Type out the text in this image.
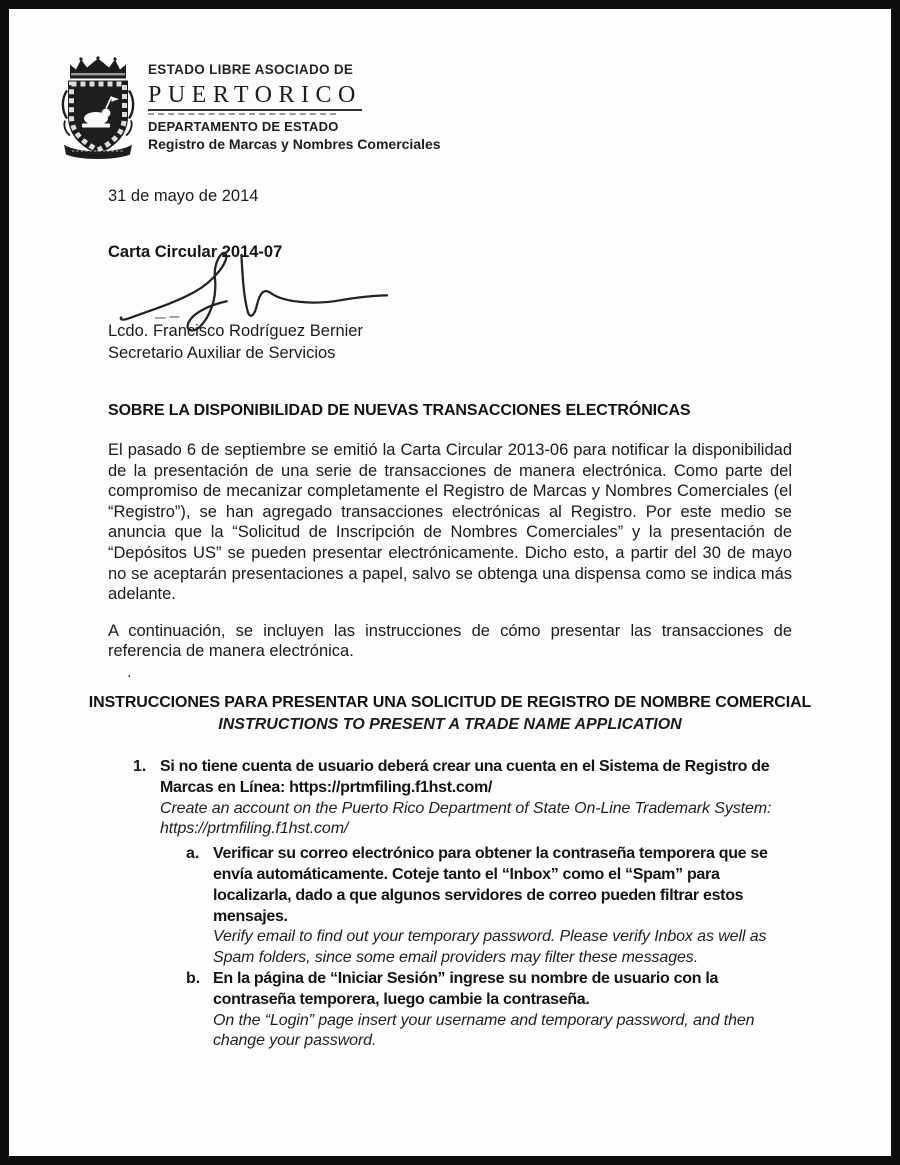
ESTADO LIBRE ASOCIADO DE
PUERTORICO
DEPARTAMENTO DE ESTADO
Registro de Marcas y Nombres Comerciales
31 de mayo de 2014
Carta Circular 2014-07
Lcdo. Francisco Rodríguez Bernier
Secretario Auxiliar de Servicios
SOBRE LA DISPONIBILIDAD DE NUEVAS TRANSACCIONES ELECTRÓNICAS
El pasado 6 de septiembre se emitió la Carta Circular 2013-06 para notificar la disponibilidad de la presentación de una serie de transacciones de manera electrónica. Como parte del compromiso de mecanizar completamente el Registro de Marcas y Nombres Comerciales (el “Registro”), se han agregado transacciones electrónicas al Registro. Por este medio se anuncia que la “Solicitud de Inscripción de Nombres Comerciales” y la presentación de “Depósitos US” se pueden presentar electrónicamente. Dicho esto, a partir del 30 de mayo no se aceptarán presentaciones a papel, salvo se obtenga una dispensa como se indica más adelante.
A continuación, se incluyen las instrucciones de cómo presentar las transacciones de referencia de manera electrónica.
.
INSTRUCCIONES PARA PRESENTAR UNA SOLICITUD DE REGISTRO DE NOMBRE COMERCIAL
INSTRUCTIONS TO PRESENT A TRADE NAME APPLICATION
1. Si no tiene cuenta de usuario deberá crear una cuenta en el Sistema de Registro de Marcas en Línea: https://prtmfiling.f1hst.com/
Create an account on the Puerto Rico Department of State On-Line Trademark System: https://prtmfiling.f1hst.com/
a. Verificar su correo electrónico para obtener la contraseña temporera que se envía automáticamente. Coteje tanto el “Inbox” como el “Spam” para localizarla, dado a que algunos servidores de correo pueden filtrar estos mensajes.
Verify email to find out your temporary password. Please verify Inbox as well as Spam folders, since some email providers may filter these messages.
b. En la página de “Iniciar Sesión” ingrese su nombre de usuario con la contraseña temporera, luego cambie la contraseña.
On the “Login” page insert your username and temporary password, and then change your password.
